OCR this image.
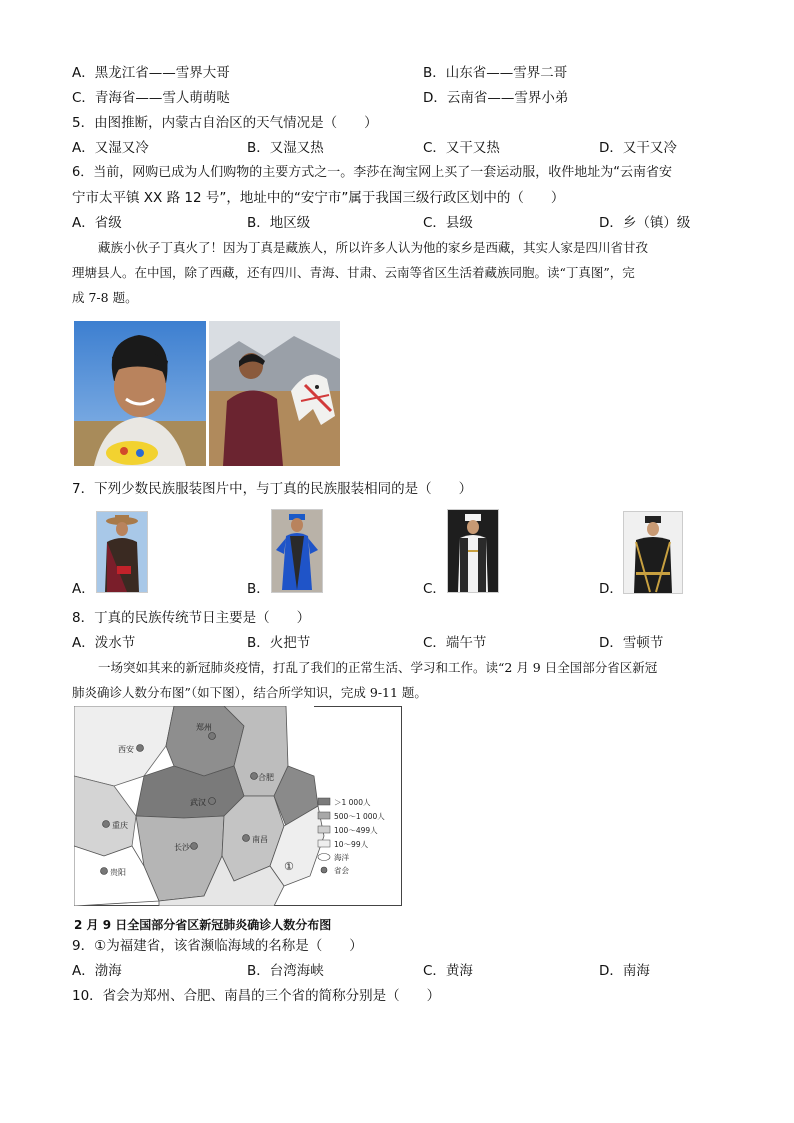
A．黑龙江省——雪界大哥	B．山东省——雪界二哥
C．青海省——雪人萌萌哒	D．云南省——雪界小弟
5．由图推断，内蒙古自治区的天气情况是（　　）
A．又湿又冷	B．又湿又热	C．又干又热	D．又干又冷
6．当前，网购已成为人们购物的主要方式之一。李莎在淘宝网上买了一套运动服，收件地址为“云南省安
宁市太平镇 XX 路 12 号”，地址中的“安宁市”属于我国三级行政区划中的（　　）
A．省级	B．地区级	C．县级	D．乡（镇）级
藏族小伙子丁真火了！因为丁真是藏族人，所以许多人认为他的家乡是西藏，其实人家是四川省甘孜
理塘县人。在中国，除了西藏，还有四川、青海、甘肃、云南等省区生活着藏族同胞。读“丁真图”，完
成 7-8 题。
7．下列少数民族服装图片中，与丁真的民族服装相同的是（　　）
A．	B．	C．	D．
8．丁真的民族传统节日主要是（　　）
A．泼水节	B．火把节	C．端午节	D．雪顿节
一场突如其来的新冠肺炎疫情，打乱了我们的正常生活、学习和工作。读“2 月 9 日全国部分省区新冠
肺炎确诊人数分布图”（如下图），结合所学知识，完成 9-11 题。
西安
郑州
合肥
武汉
重庆
长沙
南昌
贵阳	①
＞1 000人
500～1 000人
100～499人
10～99人
海洋
省会
2 月 9 日全国部分省区新冠肺炎确诊人数分布图
9．①为福建省，该省濒临海域的名称是（　　）
A．渤海	B．台湾海峡	C．黄海	D．南海
10．省会为郑州、合肥、南昌的三个省的简称分别是（　　）
